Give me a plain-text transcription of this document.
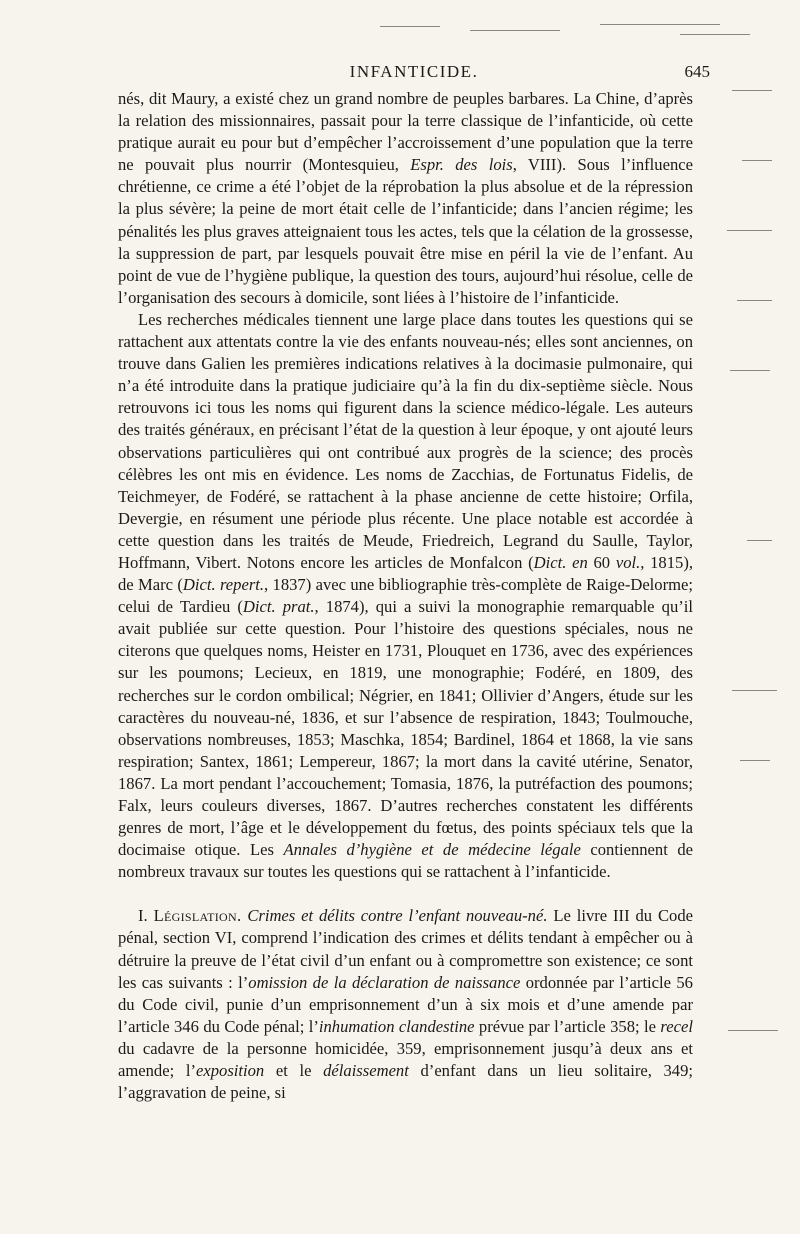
INFANTICIDE.	645

nés, dit Maury, a existé chez un grand nombre de peuples barbares. La Chine, d’après la relation des missionnaires, passait pour la terre classique de l’infanticide, où cette pratique aurait eu pour but d’empêcher l’accroissement d’une population que la terre ne pouvait plus nourrir (Montesquieu, Espr. des lois, VIII). Sous l’influence chrétienne, ce crime a été l’objet de la réprobation la plus absolue et de la répression la plus sévère; la peine de mort était celle de l’infanticide; dans l’ancien régime; les pénalités les plus graves atteignaient tous les actes, tels que la célation de la grossesse, la suppression de part, par lesquels pouvait être mise en péril la vie de l’enfant. Au point de vue de l’hygiène publique, la question des tours, aujourd’hui résolue, celle de l’organisation des secours à domicile, sont liées à l’histoire de l’infanticide.

Les recherches médicales tiennent une large place dans toutes les questions qui se rattachent aux attentats contre la vie des enfants nouveau-nés; elles sont anciennes, on trouve dans Galien les premières indications relatives à la docimasie pulmonaire, qui n’a été introduite dans la pratique judiciaire qu’à la fin du dix-septième siècle. Nous retrouvons ici tous les noms qui figurent dans la science médico-légale. Les auteurs des traités généraux, en précisant l’état de la question à leur époque, y ont ajouté leurs observations particulières qui ont contribué aux progrès de la science; des procès célèbres les ont mis en évidence. Les noms de Zacchias, de Fortunatus Fidelis, de Teichmeyer, de Fodéré, se rattachent à la phase ancienne de cette histoire; Orfila, Devergie, en résument une période plus récente. Une place notable est accordée à cette question dans les traités de Meude, Friedreich, Legrand du Saulle, Taylor, Hoffmann, Vibert. Notons encore les articles de Monfalcon (Dict. en 60 vol., 1815), de Marc (Dict. repert., 1837) avec une bibliographie très-complète de Raige-Delorme; celui de Tardieu (Dict. prat., 1874), qui a suivi la monographie remarquable qu’il avait publiée sur cette question. Pour l’histoire des questions spéciales, nous ne citerons que quelques noms, Heister en 1731, Plouquet en 1736, avec des expériences sur les poumons; Lecieux, en 1819, une monographie; Fodéré, en 1809, des recherches sur le cordon ombilical; Négrier, en 1841; Ollivier d’Angers, étude sur les caractères du nouveau-né, 1836, et sur l’absence de respiration, 1843; Toulmouche, observations nombreuses, 1853; Maschka, 1854; Bardinel, 1864 et 1868, la vie sans respiration; Santex, 1861; Lempereur, 1867; la mort dans la cavité utérine, Senator, 1867. La mort pendant l’accouchement; Tomasia, 1876, la putréfaction des poumons; Falx, leurs couleurs diverses, 1867. D’autres recherches constatent les différents genres de mort, l’âge et le développement du fœtus, des points spéciaux tels que la docimaise otique. Les Annales d’hygiène et de médecine légale contiennent de nombreux travaux sur toutes les questions qui se rattachent à l’infanticide.

I. Législation. Crimes et délits contre l’enfant nouveau-né. Le livre III du Code pénal, section VI, comprend l’indication des crimes et délits tendant à empêcher ou à détruire la preuve de l’état civil d’un enfant ou à compromettre son existence; ce sont les cas suivants : l’omission de la déclaration de naissance ordonnée par l’article 56 du Code civil, punie d’un emprisonnement d’un à six mois et d’une amende par l’article 346 du Code pénal; l’inhumation clandestine prévue par l’article 358; le recel du cadavre de la personne homicidée, 359, emprisonnement jusqu’à deux ans et amende; l’exposition et le délaissement d’enfant dans un lieu solitaire, 349; l’aggravation de peine, si
